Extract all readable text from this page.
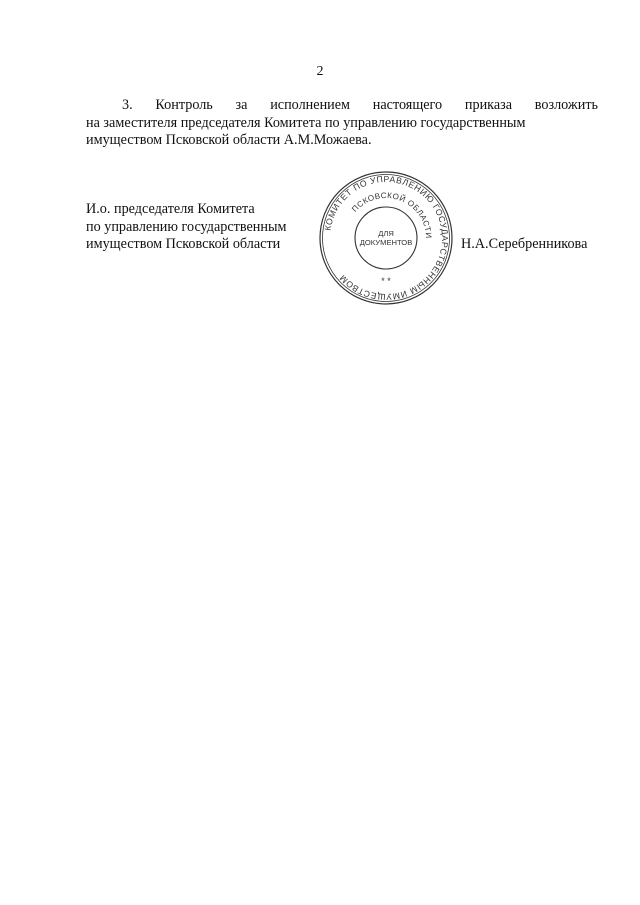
2

3. Контроль за исполнением настоящего приказа возложить
на заместителя председателя Комитета по управлению государственным
имуществом Псковской области А.М.Можаева.

И.о. председателя Комитета
по управлению государственным
имуществом Псковской области
КОМИТЕТ ПО УПРАВЛЕНИЮ ГОСУДАРСТВЕННЫМ ИМУЩЕСТВОМ
ПСКОВСКОЙ ОБЛАСТИ
ДЛЯ
ДОКУМЕНТОВ
* *
Н.А.Серебренникова
